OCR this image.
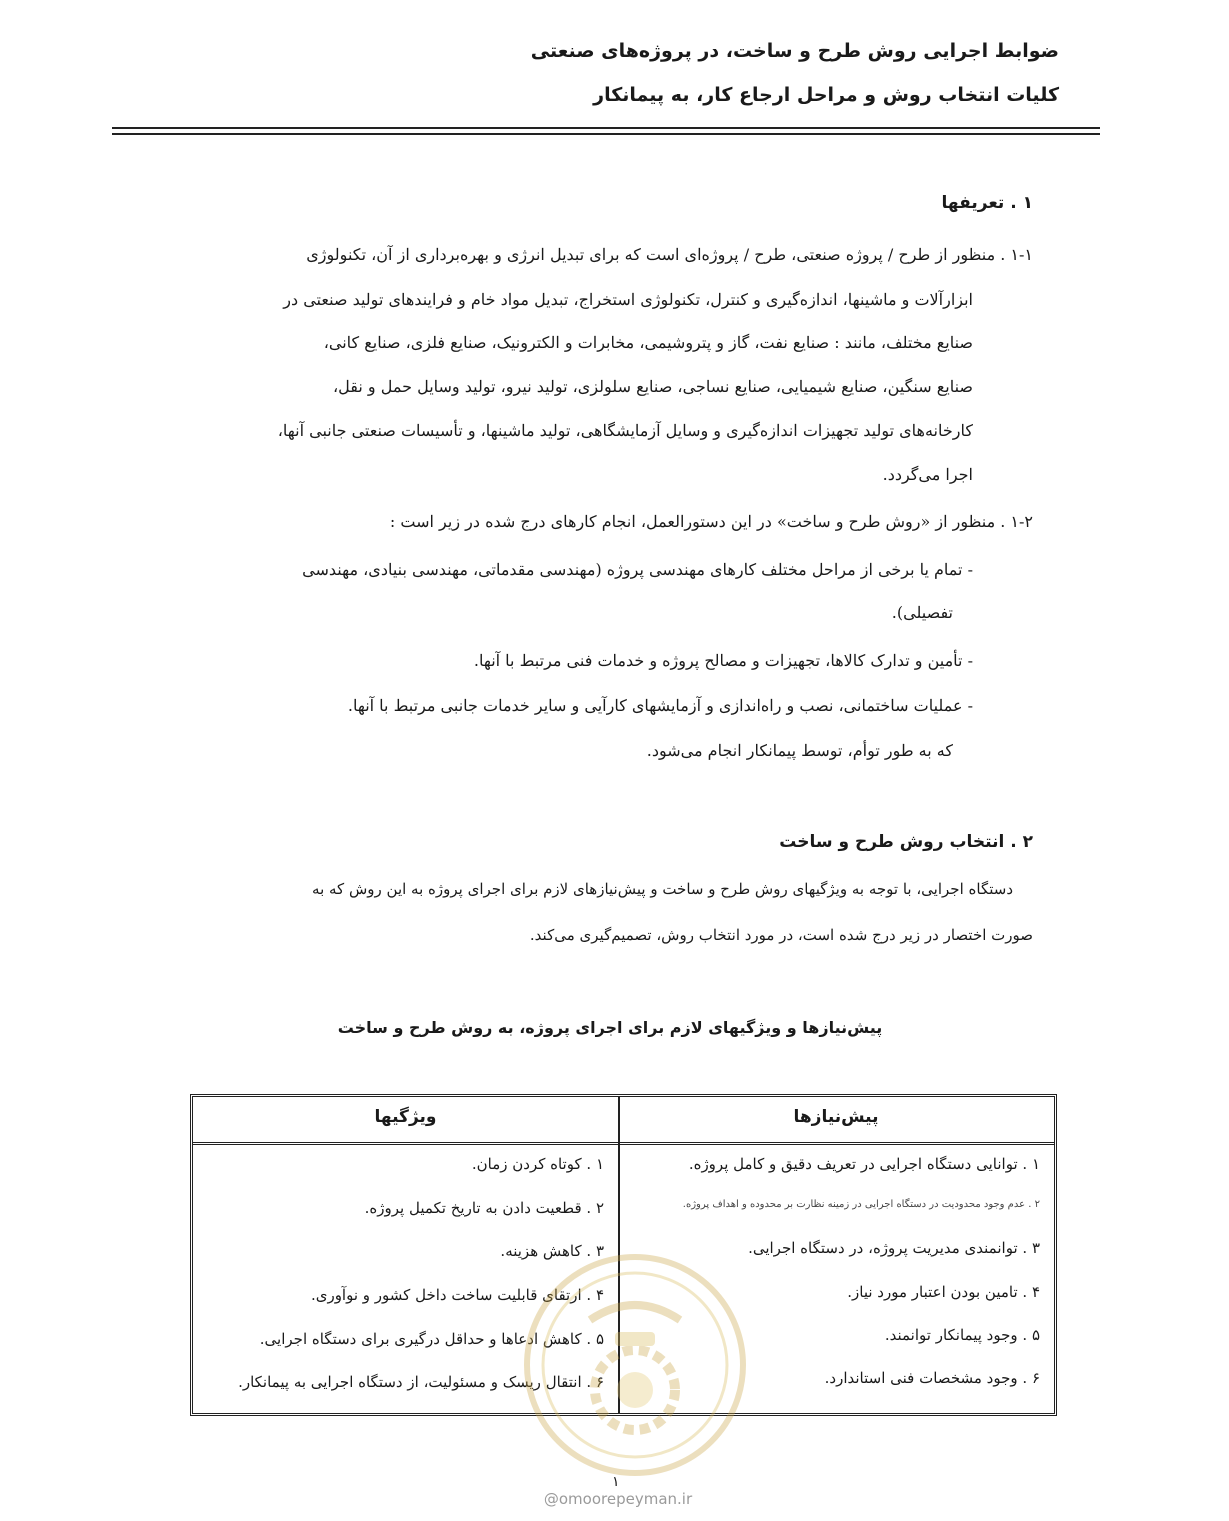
ضوابط اجرایی روش طرح و ساخت، در پروژه‌های صنعتی
کلیات انتخاب روش و مراحل ارجاع کار، به پیمانکار
۱ . تعریفها
۱-۱ . منظور از طرح / پروژه صنعتی، طرح / پروژه‌ای است که برای تبدیل انرژی و بهره‌برداری از آن، تکنولوژی
ابزارآلات و ماشینها، اندازه‌گیری و کنترل، تکنولوژی استخراج، تبدیل مواد خام و فرایندهای تولید صنعتی در
صنایع مختلف، مانند : صنایع نفت، گاز و پتروشیمی، مخابرات و الکترونیک، صنایع فلزی، صنایع کانی،
صنایع سنگین، صنایع شیمیایی، صنایع نساجی، صنایع سلولزی، تولید نیرو، تولید وسایل حمل و نقل،
کارخانه‌های تولید تجهیزات اندازه‌گیری و وسایل آزمایشگاهی، تولید ماشینها، و تأسیسات صنعتی جانبی آنها،
اجرا می‌گردد.
۱-۲ . منظور از «روش طرح و ساخت» در این دستورالعمل، انجام کارهای درج شده در زیر است :
- تمام یا برخی از مراحل مختلف کارهای مهندسی پروژه (مهندسی مقدماتی، مهندسی بنیادی، مهندسی
تفصیلی).
- تأمین و تدارک کالاها، تجهیزات و مصالح پروژه و خدمات فنی مرتبط با آنها.
- عملیات ساختمانی، نصب و راه‌اندازی و آزمایشهای کارآیی و سایر خدمات جانبی مرتبط با آنها.
که به طور توأم، توسط پیمانکار انجام می‌شود.
۲ . انتخاب روش طرح و ساخت
دستگاه اجرایی، با توجه به ویژگیهای روش طرح و ساخت و پیش‌نیازهای لازم برای اجرای پروژه به این روش که به
صورت اختصار در زیر درج شده است، در مورد انتخاب روش، تصمیم‌گیری می‌کند.
پیش‌نیازها و ویژگیهای لازم برای اجرای پروژه، به روش طرح و ساخت
پیش‌نیازها
ویژگیها
۱ . توانایی دستگاه اجرایی در تعریف دقیق و کامل پروژه.
۲ . عدم وجود محدودیت در دستگاه اجرایی در زمینه نظارت بر محدوده و اهداف پروژه.
۳ . توانمندی مدیریت پروژه، در دستگاه اجرایی.
۴ . تامین بودن اعتبار مورد نیاز.
۵ . وجود پیمانکار توانمند.
۶ . وجود مشخصات فنی استاندارد.
۱ . کوتاه کردن زمان.
۲ . قطعیت دادن به تاریخ تکمیل پروژه.
۳ . کاهش هزینه.
۴ . ارتقای قابلیت ساخت داخل کشور و نوآوری.
۵ . کاهش ادعاها و حداقل درگیری برای دستگاه اجرایی.
۶ . انتقال ریسک و مسئولیت، از دستگاه اجرایی به پیمانکار.
@omoorepeyman.ir
۱
